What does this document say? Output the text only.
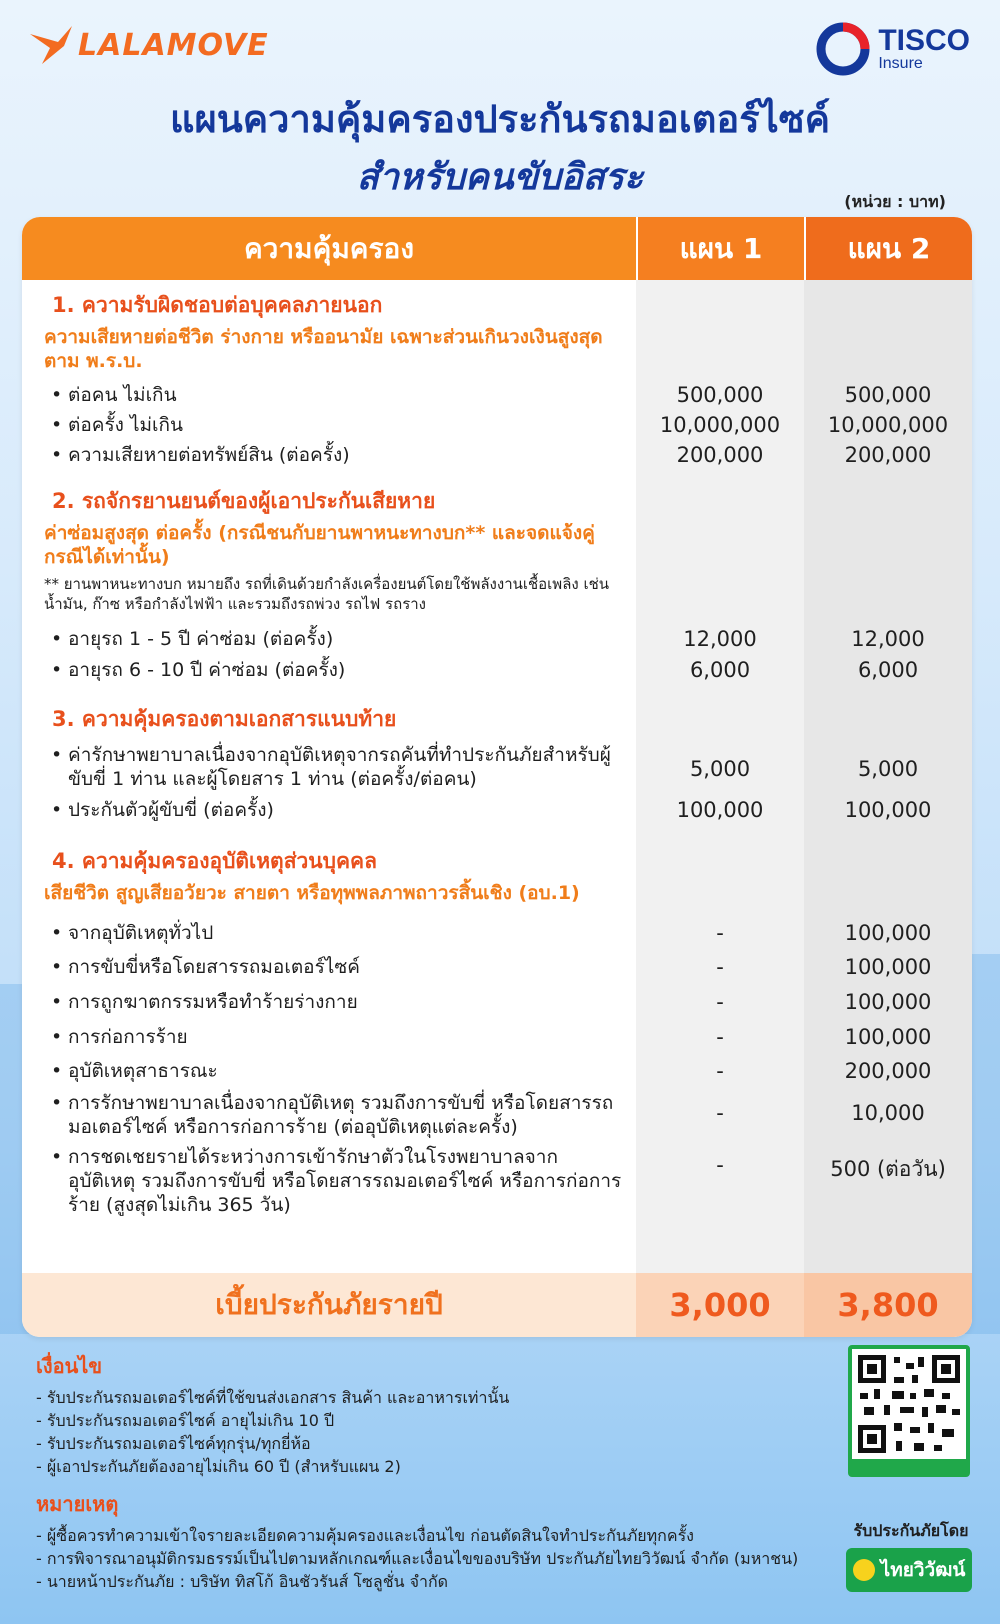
LALAMOVE	TISCO
Insure
แผนความคุ้มครองประกันรถมอเตอร์ไซค์
สำหรับคนขับอิสระ
(หน่วย : บาท)
ความคุ้มครอง	แผน 1	แผน 2
1. ความรับผิดชอบต่อบุคคลภายนอก
ความเสียหายต่อชีวิต ร่างกาย หรืออนามัย เฉพาะส่วนเกินวงเงินสูงสุดตาม พ.ร.บ.
• ต่อคน ไม่เกิน	500,000	500,000
• ต่อครั้ง ไม่เกิน	10,000,000	10,000,000
• ความเสียหายต่อทรัพย์สิน (ต่อครั้ง)	200,000	200,000
2. รถจักรยานยนต์ของผู้เอาประกันเสียหาย
ค่าซ่อมสูงสุด ต่อครั้ง (กรณีชนกับยานพาหนะทางบก** และจดแจ้งคู่กรณีได้เท่านั้น)
** ยานพาหนะทางบก หมายถึง รถที่เดินด้วยกำลังเครื่องยนต์โดยใช้พลังงานเชื้อเพลิง เช่น น้ำมัน, ก๊าซ หรือกำลังไฟฟ้า และรวมถึงรถพ่วง รถไฟ รถราง
• อายุรถ 1 - 5 ปี ค่าซ่อม (ต่อครั้ง)	12,000	12,000
• อายุรถ 6 - 10 ปี ค่าซ่อม (ต่อครั้ง)	6,000	6,000
3. ความคุ้มครองตามเอกสารแนบท้าย
• ค่ารักษาพยาบาลเนื่องจากอุบัติเหตุจากรถคันที่ทำประกันภัยสำหรับผู้ขับขี่ 1 ท่าน และผู้โดยสาร 1 ท่าน (ต่อครั้ง/ต่อคน)	5,000	5,000
• ประกันตัวผู้ขับขี่ (ต่อครั้ง)	100,000	100,000
4. ความคุ้มครองอุบัติเหตุส่วนบุคคล
เสียชีวิต สูญเสียอวัยวะ สายตา หรือทุพพลภาพถาวรสิ้นเชิง (อบ.1)
• จากอุบัติเหตุทั่วไป	-	100,000
• การขับขี่หรือโดยสารรถมอเตอร์ไซค์	-	100,000
• การถูกฆาตกรรมหรือทำร้ายร่างกาย	-	100,000
• การก่อการร้าย	-	100,000
• อุบัติเหตุสาธารณะ	-	200,000
• การรักษาพยาบาลเนื่องจากอุบัติเหตุ รวมถึงการขับขี่ หรือโดยสารรถมอเตอร์ไซค์ หรือการก่อการร้าย (ต่ออุบัติเหตุแต่ละครั้ง)
-	10,000
• การชดเชยรายได้ระหว่างการเข้ารักษาตัวในโรงพยาบาลจากอุบัติเหตุ รวมถึงการขับขี่ หรือโดยสารรถมอเตอร์ไซค์ หรือการก่อการร้าย (สูงสุดไม่เกิน 365 วัน)
-	500 (ต่อวัน)
เบี้ยประกันภัยรายปี	3,000	3,800
เงื่อนไข
- รับประกันรถมอเตอร์ไซค์ที่ใช้ขนส่งเอกสาร สินค้า และอาหารเท่านั้น
- รับประกันรถมอเตอร์ไซค์ อายุไม่เกิน 10 ปี
- รับประกันรถมอเตอร์ไซค์ทุกรุ่น/ทุกยี่ห้อ
- ผู้เอาประกันภัยต้องอายุไม่เกิน 60 ปี (สำหรับแผน 2)
หมายเหตุ
- ผู้ซื้อควรทำความเข้าใจรายละเอียดความคุ้มครองและเงื่อนไข ก่อนตัดสินใจทำประกันภัยทุกครั้ง
- การพิจารณาอนุมัติกรมธรรม์เป็นไปตามหลักเกณฑ์และเงื่อนไขของบริษัท ประกันภัยไทยวิวัฒน์ จำกัด (มหาชน)
- นายหน้าประกันภัย : บริษัท ทิสโก้ อินชัวรันส์ โซลูชั่น จำกัด
รับประกันภัยโดย
ไทยวิวัฒน์
